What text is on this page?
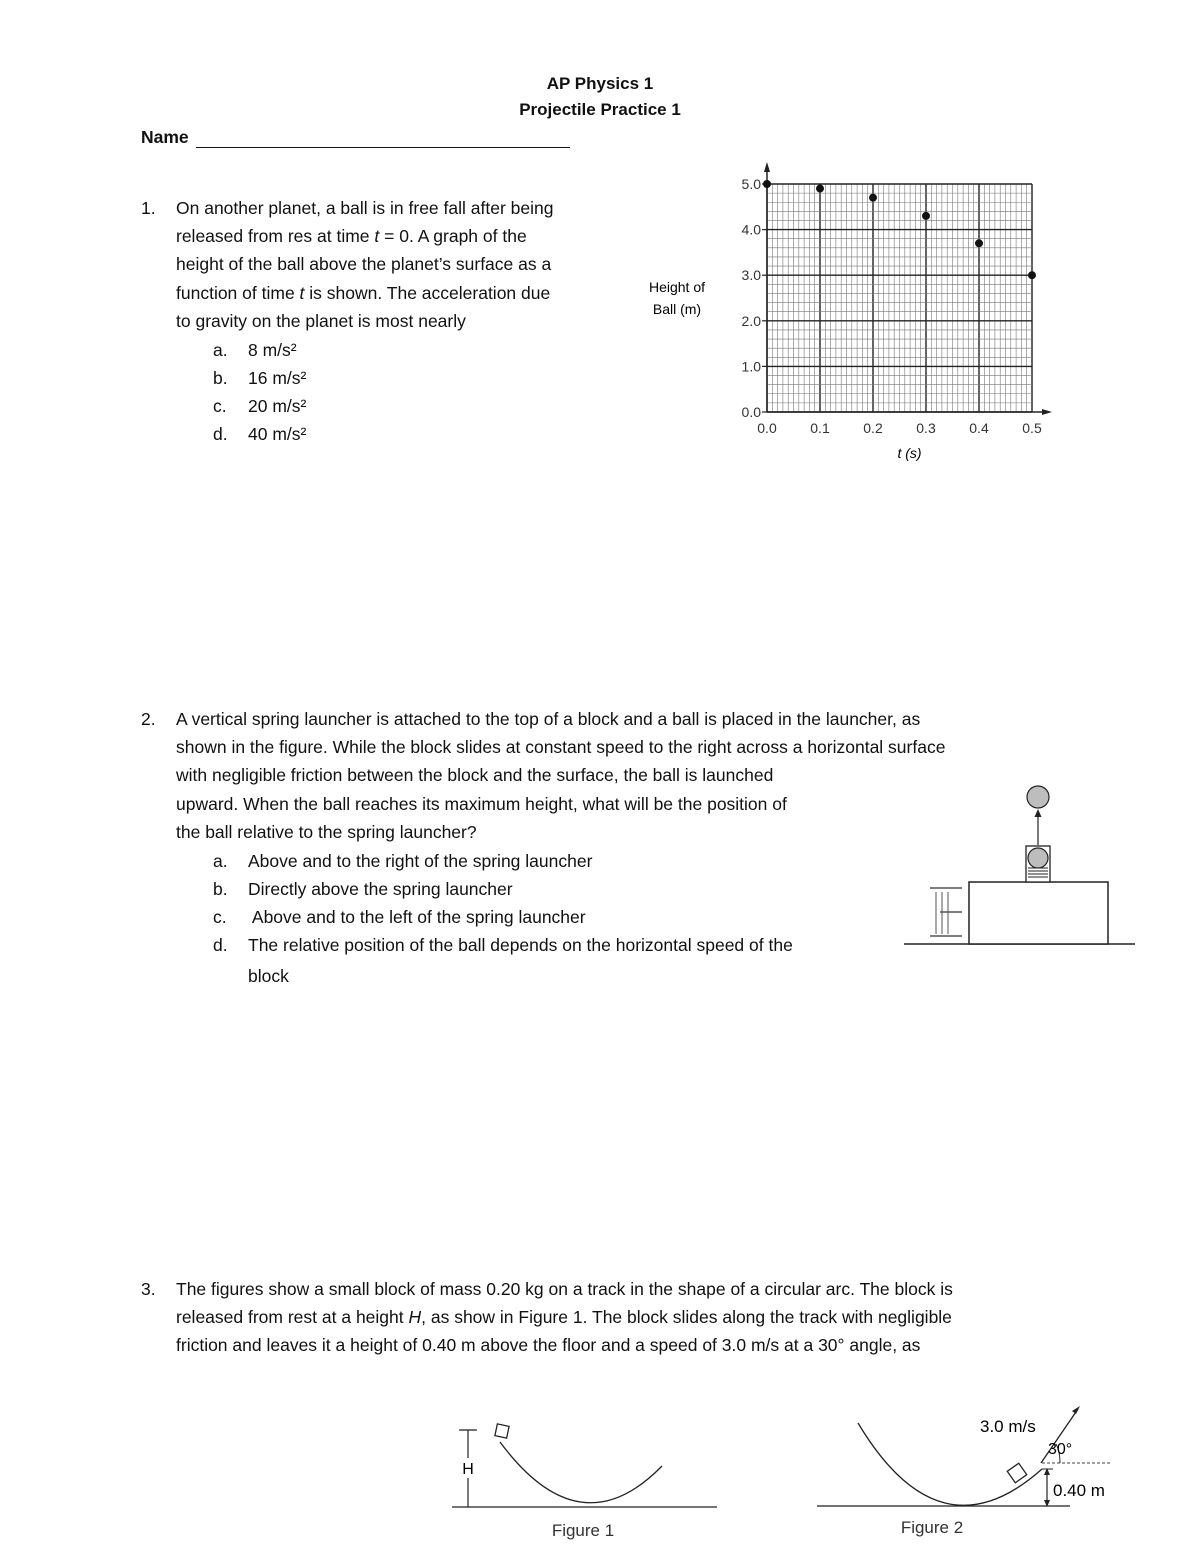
AP Physics 1
Projectile Practice 1
Name
1. On another planet, a ball is in free fall after being
released from res at time t = 0. A graph of the
height of the ball above the planet’s surface as a
function of time t is shown. The acceleration due
to gravity on the planet is most nearly
a.	8 m/s²
b.	16 m/s²
c.	20 m/s²
d.	40 m/s²
0.0
1.0
2.0
3.0
4.0
5.0
0.0 0.1 0.2 0.3 0.4 0.5
Height of
Ball (m)
t (s)
2. A vertical spring launcher is attached to the top of a block and a ball is placed in the launcher, as
shown in the figure. While the block slides at constant speed to the right across a horizontal surface
with negligible friction between the block and the surface, the ball is launched
upward. When the ball reaches its maximum height, what will be the position of
the ball relative to the spring launcher?
a.	Above and to the right of the spring launcher
b.	Directly above the spring launcher
c.	Above and to the left of the spring launcher
d.	The relative position of the ball depends on the horizontal speed of the
block
3. The figures show a small block of mass 0.20 kg on a track in the shape of a circular arc. The block is
released from rest at a height H, as show in Figure 1. The block slides along the track with negligible
friction and leaves it a height of 0.40 m above the floor and a speed of 3.0 m/s at a 30° angle, as
H
Figure 1
3.0 m/s
30°
0.40 m
Figure 2
